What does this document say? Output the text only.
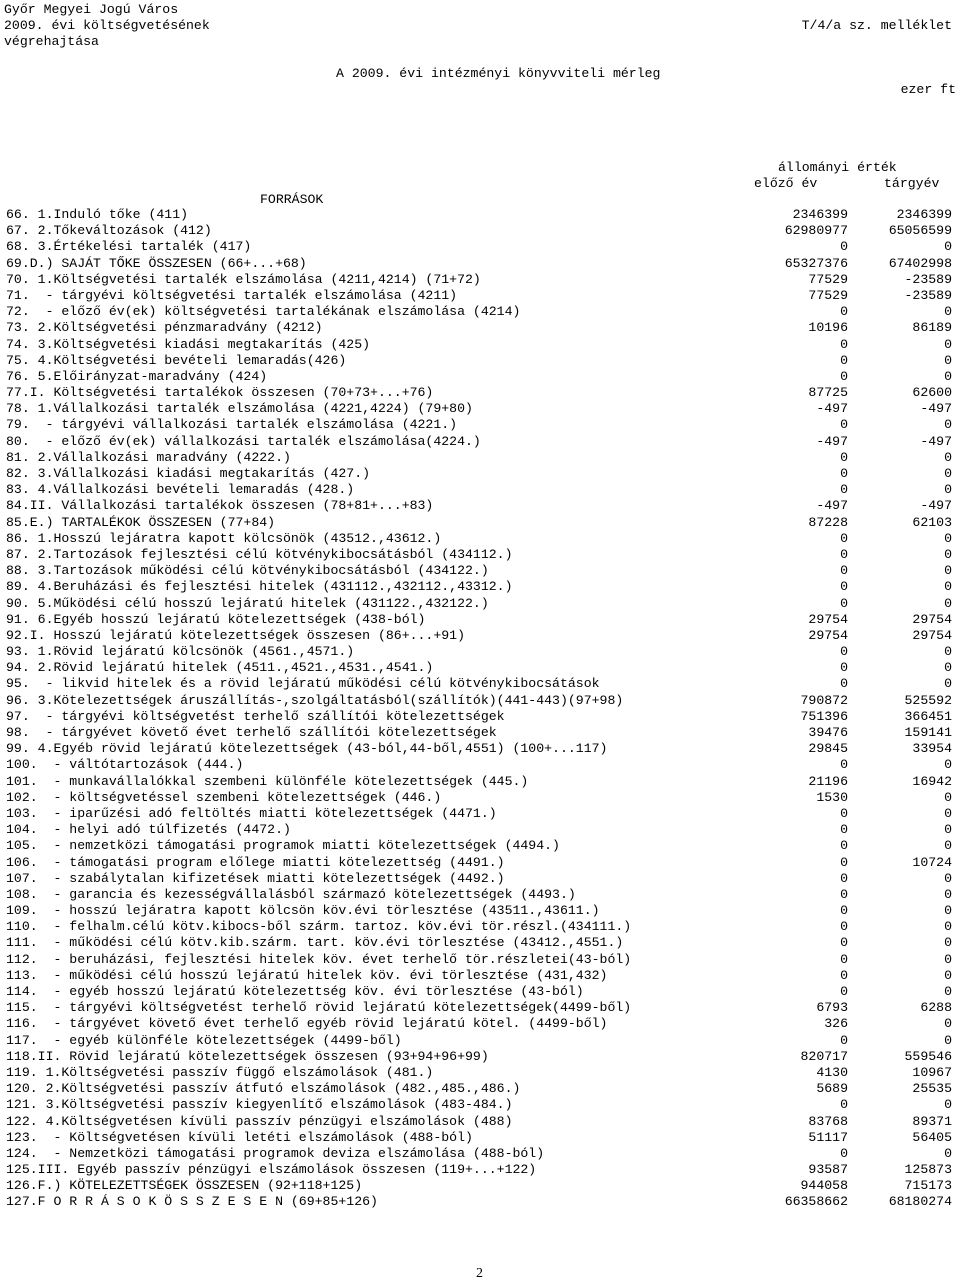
Győr Megyei Jogú Város
2009. évi költségvetésének
végrehajtása
T/4/a sz. melléklet
A 2009. évi intézményi könyvviteli mérleg
ezer ft
állományi érték
előző év	tárgyév
FORRÁSOK
66. 1.Induló tőke (411)	2346399	2346399
67. 2.Tőkeváltozások (412)	62980977	65056599
68. 3.Értékelési tartalék (417)	0	0
69.D.) SAJÁT TŐKE ÖSSZESEN (66+...+68)	65327376	67402998
70. 1.Költségvetési tartalék elszámolása (4211,4214) (71+72)	77529	-23589
71.  - tárgyévi költségvetési tartalék elszámolása (4211)	77529	-23589
72.  - előző év(ek) költségvetési tartalékának elszámolása (4214)	0	0
73. 2.Költségvetési pénzmaradvány (4212)	10196	86189
74. 3.Költségvetési kiadási megtakarítás (425)	0	0
75. 4.Költségvetési bevételi lemaradás(426)	0	0
76. 5.Előirányzat-maradvány (424)	0	0
77.I. Költségvetési tartalékok összesen (70+73+...+76)	87725	62600
78. 1.Vállalkozási tartalék elszámolása (4221,4224) (79+80)	-497	-497
79.  - tárgyévi vállalkozási tartalék elszámolása (4221.)	0	0
80.  - előző év(ek) vállalkozási tartalék elszámolása(4224.)	-497	-497
81. 2.Vállalkozási maradvány (4222.)	0	0
82. 3.Vállalkozási kiadási megtakarítás (427.)	0	0
83. 4.Vállalkozási bevételi lemaradás (428.)	0	0
84.II. Vállalkozási tartalékok összesen (78+81+...+83)	-497	-497
85.E.) TARTALÉKOK ÖSSZESEN (77+84)	87228	62103
86. 1.Hosszú lejáratra kapott kölcsönök (43512.,43612.)	0	0
87. 2.Tartozások fejlesztési célú kötvénykibocsátásból (434112.)	0	0
88. 3.Tartozások működési célú kötvénykibocsátásból (434122.)	0	0
89. 4.Beruházási és fejlesztési hitelek (431112.,432112.,43312.)	0	0
90. 5.Működési célú hosszú lejáratú hitelek (431122.,432122.)	0	0
91. 6.Egyéb hosszú lejáratú kötelezettségek (438-ból)	29754	29754
92.I. Hosszú lejáratú kötelezettségek összesen (86+...+91)	29754	29754
93. 1.Rövid lejáratú kölcsönök (4561.,4571.)	0	0
94. 2.Rövid lejáratú hitelek (4511.,4521.,4531.,4541.)	0	0
95.  - likvid hitelek és a rövid lejáratú működési célú kötvénykibocsátások	0	0
96. 3.Kötelezettségek áruszállítás-,szolgáltatásból(szállítók)(441-443)(97+98)	790872	525592
97.  - tárgyévi költségvetést terhelő szállítói kötelezettségek	751396	366451
98.  - tárgyévet követő évet terhelő szállítói kötelezettségek	39476	159141
99. 4.Egyéb rövid lejáratú kötelezettségek (43-ból,44-ből,4551) (100+...117)	29845	33954
100.  - váltótartozások (444.)	0	0
101.  - munkavállalókkal szembeni különféle kötelezettségek (445.)	21196	16942
102.  - költségvetéssel szembeni kötelezettségek (446.)	1530	0
103.  - iparűzési adó feltöltés miatti kötelezettségek (4471.)	0	0
104.  - helyi adó túlfizetés (4472.)	0	0
105.  - nemzetközi támogatási programok miatti kötelezettségek (4494.)	0	0
106.  - támogatási program előlege miatti kötelezettség (4491.)	0	10724
107.  - szabálytalan kifizetések miatti kötelezettségek (4492.)	0	0
108.  - garancia és kezességvállalásból származó kötelezettségek (4493.)	0	0
109.  - hosszú lejáratra kapott kölcsön köv.évi törlesztése (43511.,43611.)	0	0
110.  - felhalm.célú kötv.kibocs-ből szárm. tartoz. köv.évi tör.részl.(434111.)	0	0
111.  - működési célú kötv.kib.szárm. tart. köv.évi törlesztése (43412.,4551.)	0	0
112.  - beruházási, fejlesztési hitelek köv. évet terhelő tör.részletei(43-ból)	0	0
113.  - működési célú hosszú lejáratú hitelek köv. évi törlesztése (431,432)	0	0
114.  - egyéb hosszú lejáratú kötelezettség köv. évi törlesztése (43-ból)	0	0
115.  - tárgyévi költségvetést terhelő rövid lejáratú kötelezettségek(4499-ből)	6793	6288
116.  - tárgyévet követő évet terhelő egyéb rövid lejáratú kötel. (4499-ből)	326	0
117.  - egyéb különféle kötelezettségek (4499-ből)	0	0
118.II. Rövid lejáratú kötelezettségek összesen (93+94+96+99)	820717	559546
119. 1.Költségvetési passzív függő elszámolások (481.)	4130	10967
120. 2.Költségvetési passzív átfutó elszámolások (482.,485.,486.)	5689	25535
121. 3.Költségvetési passzív kiegyenlítő elszámolások (483-484.)	0	0
122. 4.Költségvetésen kívüli passzív pénzügyi elszámolások (488)	83768	89371
123.  - Költségvetésen kívüli letéti elszámolások (488-ból)	51117	56405
124.  - Nemzetközi támogatási programok deviza elszámolása (488-ból)	0	0
125.III. Egyéb passzív pénzügyi elszámolások összesen (119+...+122)	93587	125873
126.F.) KÖTELEZETTSÉGEK ÖSSZESEN (92+118+125)	944058	715173
127.F O R R Á S O K Ö S S Z E S E N (69+85+126)	66358662	68180274
2
